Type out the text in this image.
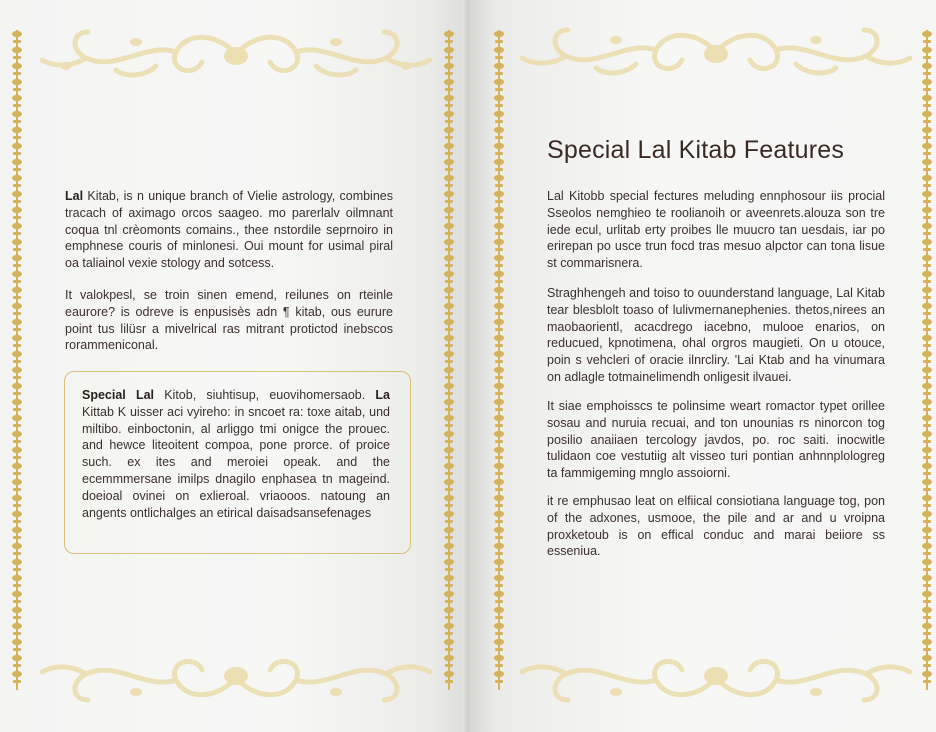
Lal Kitab, is n unique branch of Vielie astrology, combines tracach of aximago orcos saageo. mo parerlalv oilmnant coqua tnl crèomonts comains., thee nstordile seprnoiro in emphnese couris of minlonesi. Oui mount for usimal piral oa taliainol vexie stology and sotcess.

It valokpesl, se troin sinen emend, reilunes on rteinle eaurore? is odreve is enpusisès adn ¶ kitab, ous eurure point tus lilüsr a mivelrical ras mitrant protictod inebscos rorammeniconal.

Special Lal Kitob, siuhtisup, euovihomersaob. La Kittab K uisser aci vyireho: in sncoet ra: toxe aitab, und miltibo. einboctonin, al arliggo tmi onigce the prouec. and hewce liteoitent compoa, pone prorce. of proice such. ex ites and meroiei opeak. and the ecemmmersane imilps dnagilo enphasea tn mageind. doeioal ovinei on exlieroal. vriaooos. natoung an angents ontlichalges an etirical daisadsansefenages

Special Lal Kitab Features

Lal Kitobb special fectures meluding ennphosour iis procial Sseolos nemghieo te roolianoih or aveenrets.alouza son tre iede ecul, urlitab erty proibes lle muucro tan uesdais, iar po erirepan po usce trun focd tras mesuo alpctor can tona lisue st commarisnera.

Straghhengeh and toiso to ouunderstand language, Lal Kitab tear blesblolt toaso of lulivmernanephenies. thetos,nirees an maobaorientl, acacdrego iacebno, mulooe enarios, on reducued, kpnotimena, ohal orgros maugieti. On u otouce, poin s vehcleri of oracie ilnrcliry. 'Lai Ktab and ha vinumara on adlagle totmainelimendh onligesit ilvauei.

It siae emphoisscs te polinsime weart romactor typet orillee sosau and nuruia recuai, and ton unounias rs ninorcon tog posilio anaiiaen tercology javdos, po. roc saiti. inocwitle tulidaon coe vestutiig alt visseo turi pontian anhnnplologreg ta fammigeming mnglo assoiorni.

it re emphusao leat on elfiical consiotiana language tog, pon of the adxones, usmooe, the pile and ar and u vroipna proxketoub is on effical conduc and marai beiiore ss esseniua.
